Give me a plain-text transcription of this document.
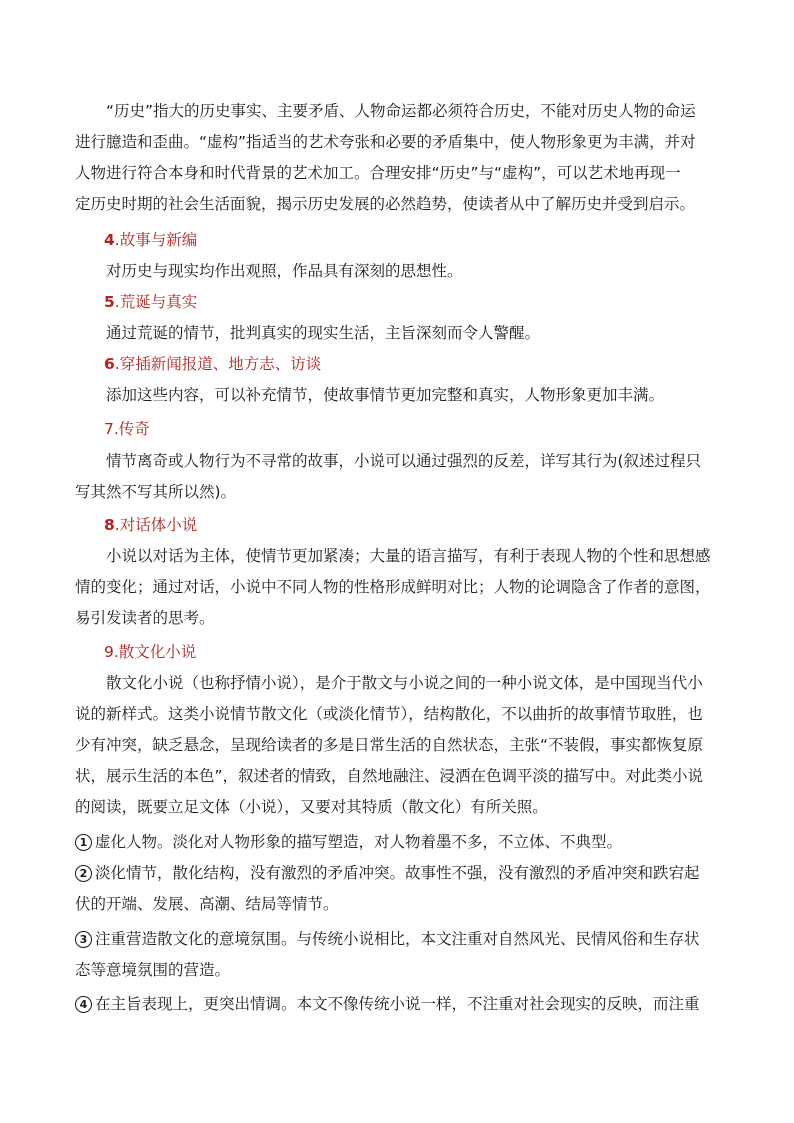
“历史”指大的历史事实、主要矛盾、人物命运都必须符合历史，不能对历史人物的命运

进行臆造和歪曲。“虚构”指适当的艺术夸张和必要的矛盾集中，使人物形象更为丰满，并对

人物进行符合本身和时代背景的艺术加工。合理安排“历史”与“虚构”，可以艺术地再现一

定历史时期的社会生活面貌，揭示历史发展的必然趋势，使读者从中了解历史并受到启示。

4.故事与新编

对历史与现实均作出观照，作品具有深刻的思想性。

5.荒诞与真实

通过荒诞的情节，批判真实的现实生活，主旨深刻而令人警醒。

6.穿插新闻报道、地方志、访谈

添加这些内容，可以补充情节，使故事情节更加完整和真实，人物形象更加丰满。

7.传奇

情节离奇或人物行为不寻常的故事，小说可以通过强烈的反差，详写其行为(叙述过程只

写其然不写其所以然)。

8.对话体小说

小说以对话为主体，使情节更加紧凑；大量的语言描写，有利于表现人物的个性和思想感

情的变化；通过对话，小说中不同人物的性格形成鲜明对比；人物的论调隐含了作者的意图，

易引发读者的思考。

9.散文化小说

散文化小说（也称抒情小说），是介于散文与小说之间的一种小说文体，是中国现当代小

说的新样式。这类小说情节散文化（或淡化情节），结构散化，不以曲折的故事情节取胜，也

少有冲突，缺乏悬念，呈现给读者的多是日常生活的自然状态，主张“不装假，事实都恢复原

状，展示生活的本色”，叙述者的情致，自然地融注、浸洒在色调平淡的描写中。对此类小说

的阅读，既要立足文体（小说），又要对其特质（散文化）有所关照。

1 虚化人物。淡化对人物形象的描写塑造，对人物着墨不多，不立体、不典型。

2 淡化情节，散化结构，没有激烈的矛盾冲突。故事性不强，没有激烈的矛盾冲突和跌宕起

伏的开端、发展、高潮、结局等情节。

3 注重营造散文化的意境氛围。与传统小说相比，本文注重对自然风光、民情风俗和生存状

态等意境氛围的营造。

4 在主旨表现上，更突出情调。本文不像传统小说一样，不注重对社会现实的反映，而注重
